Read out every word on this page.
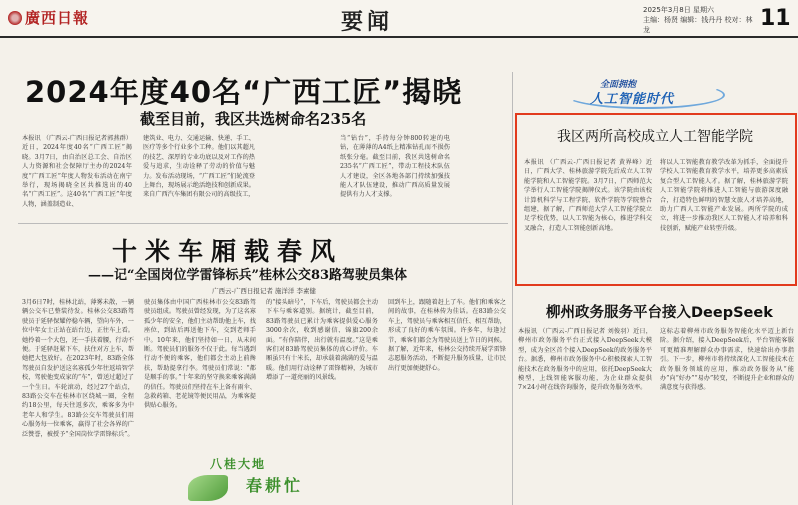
廣西日報	要闻	2025年3月8日 星期六
主编：杨贤 编辑：钱丹丹 校对：林龙	11
2024年度40名“广西工匠”揭晓
截至目前，我区共选树命名235名
本报讯 （广西云-广西日报记者郭燕群）近日，2024年度40名“广西工匠”揭晓。3月7日，由自治区总工会、自治区人力资源和社会保障厅主办的2024年度“广西工匠”年度人物发布活动在南宁举行，现场揭晓全区共推选出的40名“广西工匠”。这40名“广西工匠”年度人物，涵盖制造业、
建筑业、电力、交通运输、快递、手工、医疗等多个行业多个工种。他们以其超凡的技艺、深厚的专业功底以及对工作的热爱与追求，生动诠释了劳动的价值与魅力。发布活动现场，“广西工匠”们轮流登上舞台，现场展示绝活绝技和创新成果。来自广西汽车集团有限公司的高级技工，
当“钻台”，手持每分钟800转速的电钻，在薄薄的A4纸上精准钻孔而不损伤纸张分毫。截至目前，我区共选树命名235名“广西工匠”，带动工程技术队伍人才建设，全区各地各部门持续加强技能人才队伍建设，推动广西高质量发展提供有力人才支撑。
十米车厢载春风
——记“全国岗位学雷锋标兵”桂林公交83路驾驶员集体
广西云-广西日报记者 施洋洋 李素健
3月6日7时，桂林北站，薄雾未散，一辆辆公交车已整装待发。桂林公交83路驾驶员于延驿保耀停稳车辆，望向车外，一位中年女士正站在站台边，正往车上看。她拎着一个大包，还一手扶着腰，行动不便。于延驿赶紧下车，扶住对方上车，帮她把大包放好。在2023年时，83路全体驾驶员自发护送这名寡孤少年往返培智学校，驾驶他变成家的“车”，曾送过超过了一个生日。车轮滚动，经过27个站点，83路公交车在桂林市区绕城一圈，全程约18公里，每天往返多次，乘客多为中老年人和学生。83路公交车驾驶员们用心服务每一位乘客，赢得了社会各界的广泛赞誉，被授予“全国岗位学雷锋标兵”。
驶员集体由中国广西桂林市公交83路驾驶员组成。驾驶员曾经发现，为了这名寡孤少年的安全，他们主动帮助他上车，找座位，到站后再送他下车，交到老师手中。10年来，他们坚持如一日，从未间断。驾驶员们的服务不仅于此。每当遇到行动不便的乘客，他们都会主动上前搀扶，帮助提拿行李。驾驶员们常说：“都是顺手的事。”十年来的坚守换来乘客满满的信任。驾驶员们坚持在车上备有雨伞、急救药箱、老花镜等便民用品，为乘客提供贴心服务。
的“接头暗号”，下车后，驾驶员都会主动下车与乘客道别。据统计，截至目前，83路驾驶员已累计为乘客提供爱心服务3000余次，收到感谢信、锦旗200余面。“有你陪伴，出行就有温度。”这是乘客们对83路驾驶员集体的真心评价。车厢虽只有十米长，却承载着满满的爱与温暖。他们用行动诠释了雷锋精神，为城市增添了一道亮丽的风景线。
回到车上，跟随着赶上了车。他们和乘客之间的故事，在桂林传为佳话。在83路公交车上，驾驶员与乘客相互信任、相互帮助，形成了良好的乘车氛围。许多年，每逢过节，乘客们都会为驾驶员送上节日的问候。据了解，近年来，桂林公交持续开展学雷锋志愿服务活动，不断提升服务质量，让市民出行更加便捷舒心。
八桂大地
春耕忙
全面拥抱
人工智能时代
我区两所高校成立人工智能学院
本报讯 （广西云-广西日报记者 黄界峰）近日，广西大学、桂林旅游学院先后成立人工智能学院和人工智能学院。3月7日，广西师范大学举行人工智能学院揭牌仪式。该学院由该校计算机科学与工程学院、软件学院等学院整合组建，据了解，广西师范大学人工智能学院立足学校优势，以人工智能为核心，推进学科交叉融合，打造人工智能创新高地。
将以人工智能教育教学改革为抓手，全面提升学校人工智能教育教学水平，培养更多高素质复合型人工智能人才。据了解，桂林旅游学院人工智能学院将推进人工智能与旅游深度融合，打造特色鲜明的智慧文旅人才培养高地，助力广西人工智能产业发展。两所学院的成立，将进一步推动我区人工智能人才培养和科技创新，赋能产业转型升级。
柳州政务服务平台接入DeepSeek
本报讯 （广西云-广西日报记者 刘俊羽）近日，柳州市政务服务平台正式接入DeepSeek大模型，成为全区首个接入DeepSeek的政务服务平台。据悉，柳州市政务服务中心积极探索人工智能技术在政务服务中的应用，依托DeepSeek大模型，上线智能客服功能，为企业群众提供7×24小时在线咨询服务，提升政务服务效率。
这标志着柳州市政务服务智能化水平迈上新台阶。据介绍，接入DeepSeek后，平台智能客服可更精准理解群众办事需求，快速给出办事指引。下一步，柳州市将持续深化人工智能技术在政务服务领域的应用，推动政务服务从“能办”向“好办”“易办”转变，不断提升企业和群众的满意度与获得感。
